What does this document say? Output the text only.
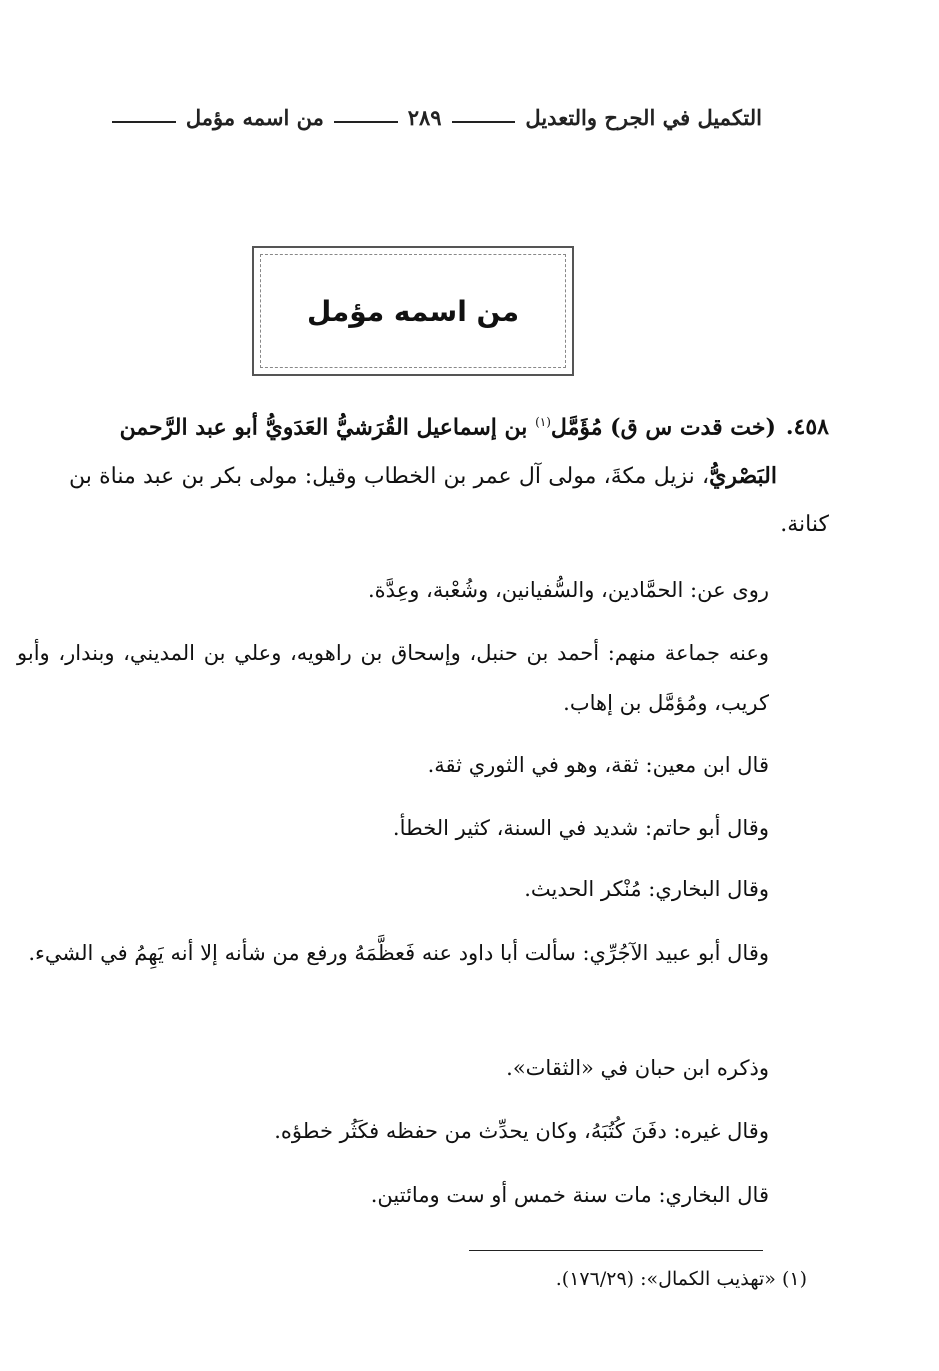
التكميل في الجرح والتعديل
٢٨٩
من اسمه مؤمل
من اسمه مؤمل
٤٥٨.(خت قدت س ق) مُؤَمَّل$^{(١)}$ بن إسماعيل القُرَشيُّ العَدَويُّ أبو عبد الرَّحمن
البَصْريُّ، نزيل مكةَ، مولى آل عمر بن الخطاب وقيل: مولى بكر بن عبد مناة بن كنانة.
روى عن: الحمَّادين، والسُّفيانين، وشُعْبة، وعِدَّة.
وعنه جماعة منهم: أحمد بن حنبل، وإسحاق بن راهويه، وعلي بن المديني، وبندار، وأبو كريب، ومُؤمَّل بن إهاب.
قال ابن معين: ثقة، وهو في الثوري ثقة.
وقال أبو حاتم: شديد في السنة، كثير الخطأ.
وقال البخاري: مُنْكر الحديث.
وقال أبو عبيد الآجُرِّي: سألت أبا داود عنه فَعظَّمَهُ ورفع من شأنه إلا أنه يَهِمُ في الشيء.
وذكره ابن حبان في «الثقات».
وقال غيره: دفَنَ كُتُبَهُ، وكان يحدِّث من حفظه فكَثُر خطؤه.
قال البخاري: مات سنة خمس أو ست ومائتين.
(١) «تهذيب الكمال»: (١٧٦/٢٩).
